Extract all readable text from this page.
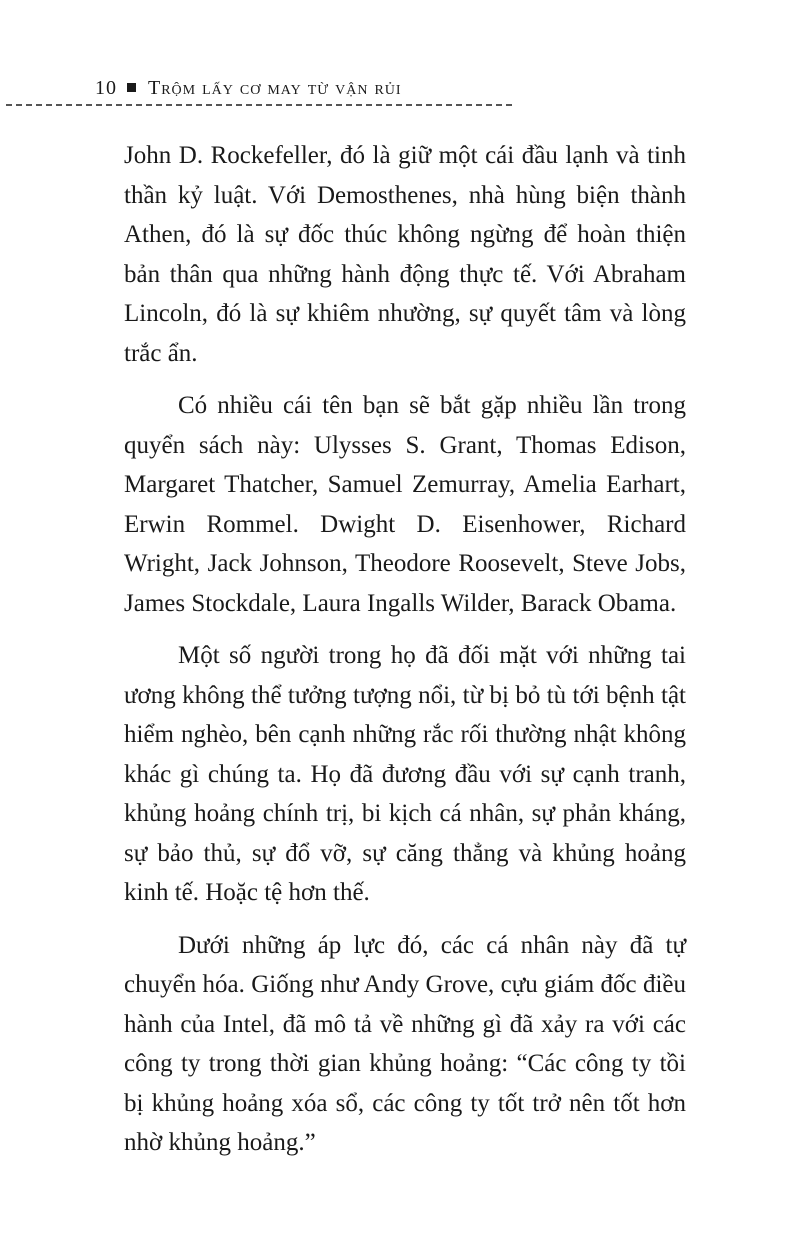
10 Trộm lấy cơ may từ vận rủi

John D. Rockefeller, đó là giữ một cái đầu lạnh và tinh thần kỷ luật. Với Demosthenes, nhà hùng biện thành Athen, đó là sự đốc thúc không ngừng để hoàn thiện bản thân qua những hành động thực tế. Với Abraham Lincoln, đó là sự khiêm nhường, sự quyết tâm và lòng trắc ẩn.

Có nhiều cái tên bạn sẽ bắt gặp nhiều lần trong quyển sách này: Ulysses S. Grant, Thomas Edison, Margaret Thatcher, Samuel Zemurray, Amelia Earhart, Erwin Rommel. Dwight D. Eisenhower, Richard Wright, Jack Johnson, Theodore Roosevelt, Steve Jobs, James Stockdale, Laura Ingalls Wilder, Barack Obama.

Một số người trong họ đã đối mặt với những tai ương không thể tưởng tượng nổi, từ bị bỏ tù tới bệnh tật hiểm nghèo, bên cạnh những rắc rối thường nhật không khác gì chúng ta. Họ đã đương đầu với sự cạnh tranh, khủng hoảng chính trị, bi kịch cá nhân, sự phản kháng, sự bảo thủ, sự đổ vỡ, sự căng thẳng và khủng hoảng kinh tế. Hoặc tệ hơn thế.

Dưới những áp lực đó, các cá nhân này đã tự chuyển hóa. Giống như Andy Grove, cựu giám đốc điều hành của Intel, đã mô tả về những gì đã xảy ra với các công ty trong thời gian khủng hoảng: “Các công ty tồi bị khủng hoảng xóa sổ, các công ty tốt trở nên tốt hơn nhờ khủng hoảng.”
